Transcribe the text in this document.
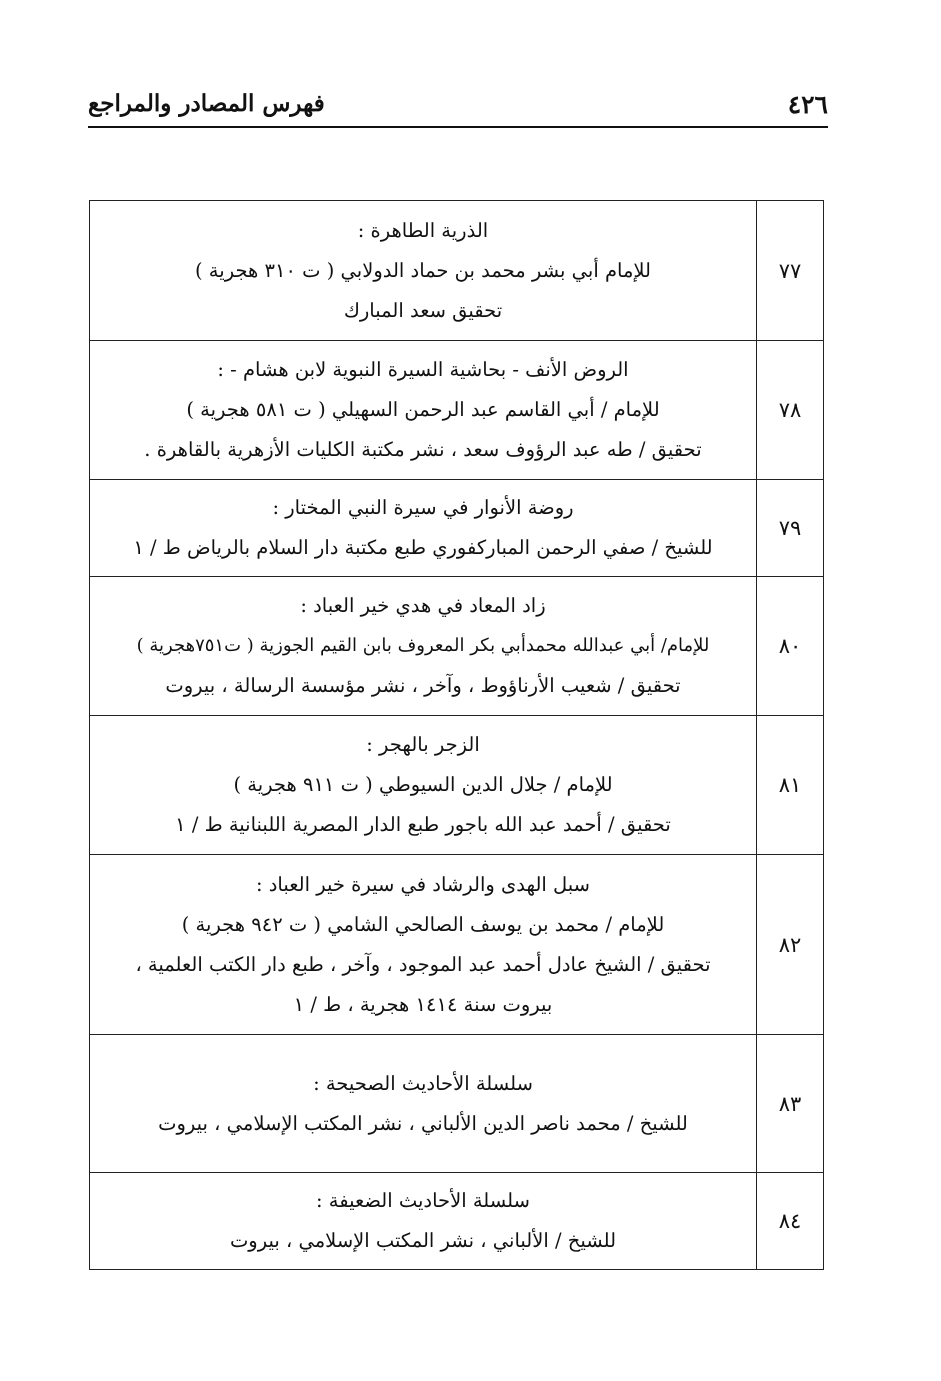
٤٢٦
فهرس المصادر والمراجع
٧٧	الذرية الطاهرة :
للإمام أبي بشر محمد بن حماد الدولابي ( ت ٣١٠ هجرية )
تحقيق سعد المبارك

٧٨	الروض الأنف - بحاشية السيرة النبوية لابن هشام - :
للإمام / أبي القاسم عبد الرحمن السهيلي ( ت ٥٨١ هجرية )
تحقيق / طه عبد الرؤوف سعد ، نشر مكتبة الكليات الأزهرية بالقاهرة .

٧٩	روضة الأنوار في سيرة النبي المختار :
للشيخ / صفي الرحمن المباركفوري طبع مكتبة دار السلام بالرياض ط / ١

٨٠	زاد المعاد في هدي خير العباد :
للإمام/ أبي عبدالله محمدأبي بكر المعروف بابن القيم الجوزية ( ت٧٥١هجرية )
تحقيق / شعيب الأرناؤوط ، وآخر ، نشر مؤسسة الرسالة ، بيروت

٨١	الزجر بالهجر :
للإمام / جلال الدين السيوطي ( ت ٩١١ هجرية )
تحقيق / أحمد عبد الله باجور طبع الدار المصرية اللبنانية ط / ١

٨٢	سبل الهدى والرشاد في سيرة خير العباد :
للإمام / محمد بن يوسف الصالحي الشامي ( ت ٩٤٢ هجرية )
تحقيق / الشيخ عادل أحمد عبد الموجود ، وآخر ، طبع دار الكتب العلمية ،
بيروت سنة ١٤١٤ هجرية ، ط / ١

٨٣	سلسلة الأحاديث الصحيحة :
للشيخ / محمد ناصر الدين الألباني ، نشر المكتب الإسلامي ، بيروت

٨٤	سلسلة الأحاديث الضعيفة :
للشيخ / الألباني ، نشر المكتب الإسلامي ، بيروت
